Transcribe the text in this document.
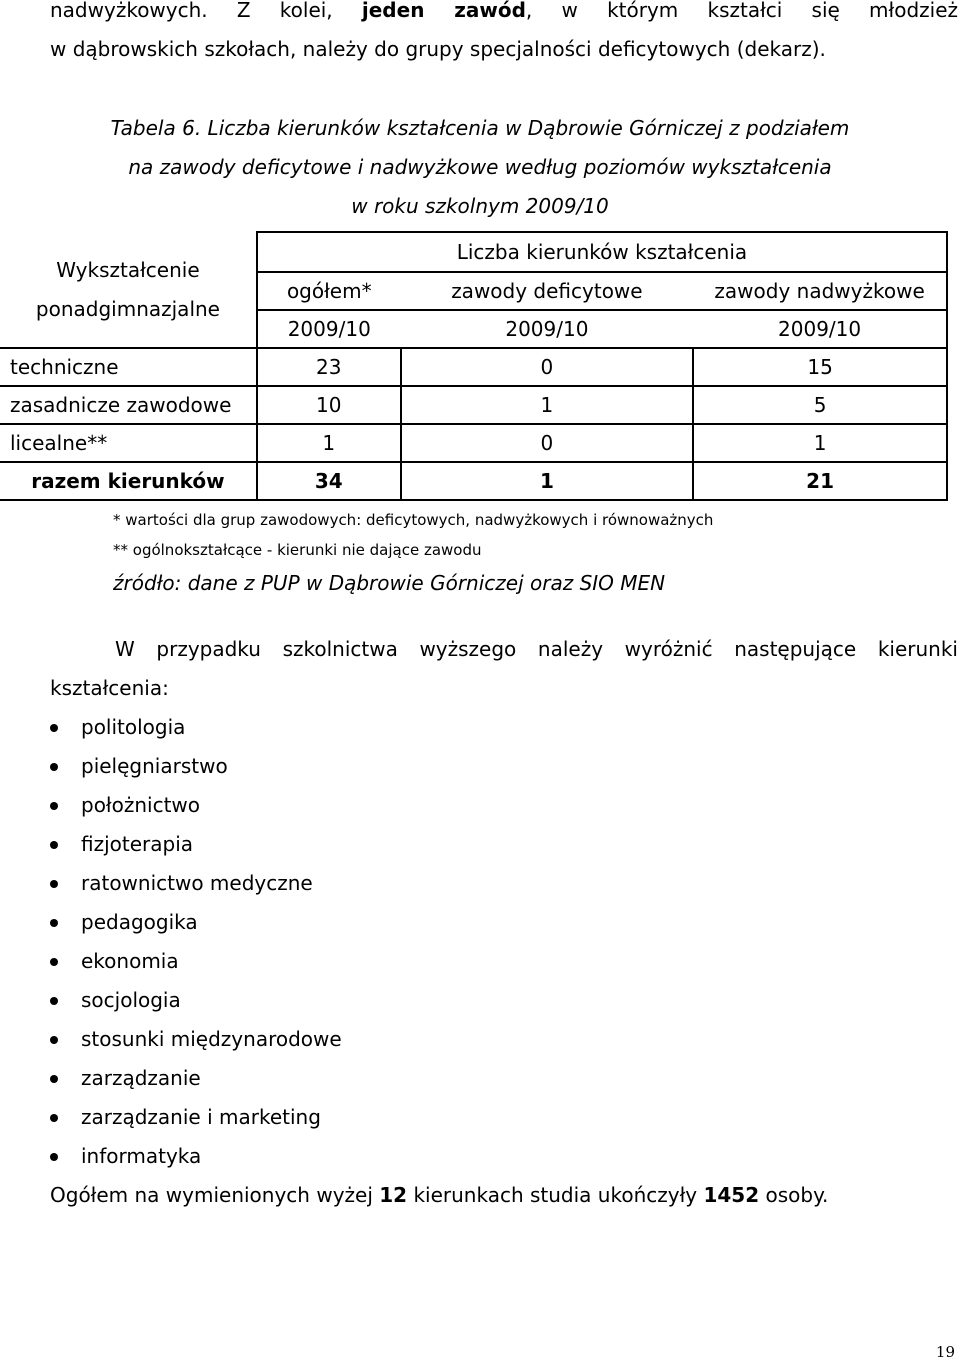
nadwyżkowych. Z kolei, jeden zawód, w którym kształci się młodzież
w dąbrowskich szkołach, należy do grupy specjalności deficytowych (dekarz).
Tabela 6. Liczba kierunków kształcenia w Dąbrowie Górniczej z podziałem
na zawody deficytowe i nadwyżkowe według poziomów wykształcenia
w roku szkolnym 2009/10
Wykształcenie
ponadgimnazjalne	Liczba kierunków kształcenia		
	ogółem*	zawody deficytowe	zawody nadwyżkowe
	2009/10	2009/10	2009/10
techniczne	23	0	15
zasadnicze zawodowe	10	1	5
licealne**	1	0	1
razem kierunków	34	1	21
* wartości dla grup zawodowych: deficytowych, nadwyżkowych i równoważnych
** ogólnokształcące - kierunki nie dające zawodu
źródło: dane z PUP w Dąbrowie Górniczej oraz SIO MEN
W przypadku szkolnictwa wyższego należy wyróżnić następujące kierunki
kształcenia:
politologia
pielęgniarstwo
położnictwo
fizjoterapia
ratownictwo medyczne
pedagogika
ekonomia
socjologia
stosunki międzynarodowe
zarządzanie
zarządzanie i marketing
informatyka
Ogółem na wymienionych wyżej 12 kierunkach studia ukończyły 1452 osoby.
19
